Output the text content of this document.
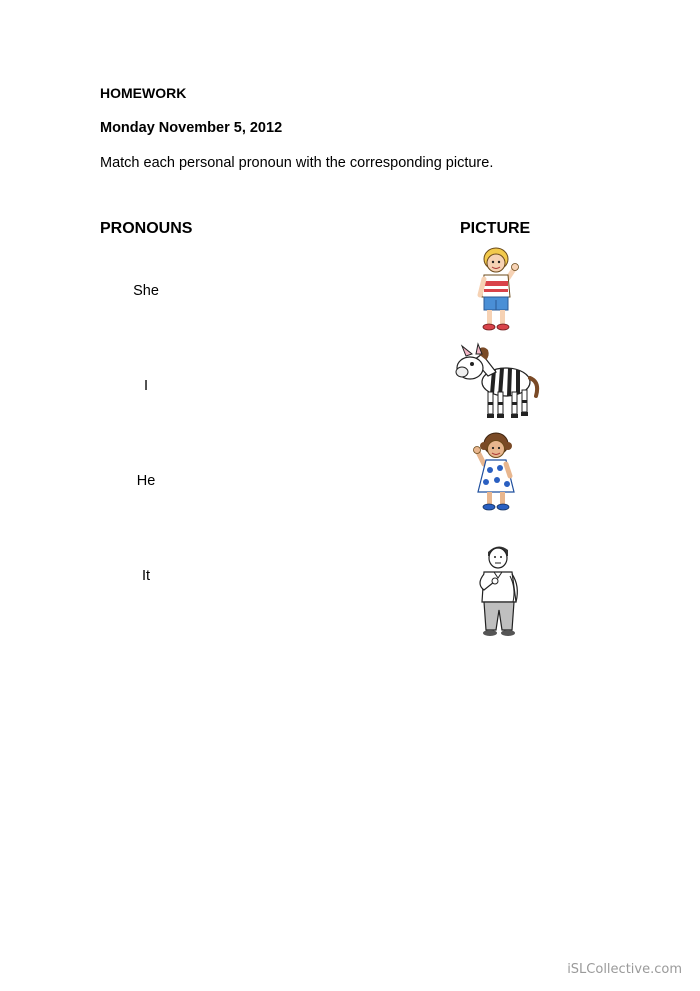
HOMEWORK
Monday November 5, 2012
Match each personal pronoun with the corresponding picture.
PRONOUNS	PICTURE
She
I
He
It
iSLCollective.com
